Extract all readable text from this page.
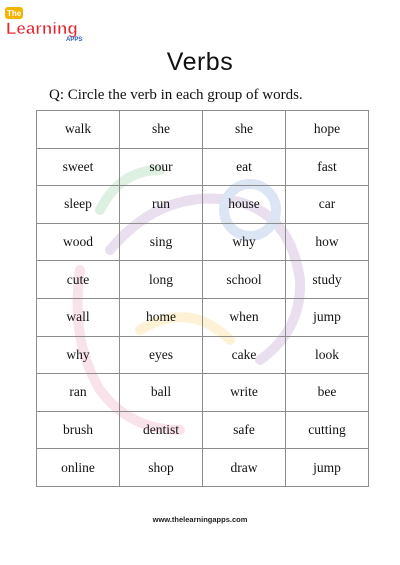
The
Learning
APPS
Verbs
Q: Circle the verb in each group of words.
walk	she	she	hope
sweet	sour	eat	fast
sleep	run	house	car
wood	sing	why	how
cute	long	school	study
wall	home	when	jump
why	eyes	cake	look
ran	ball	write	bee
brush	dentist	safe	cutting
online	shop	draw	jump
www.thelearningapps.com
